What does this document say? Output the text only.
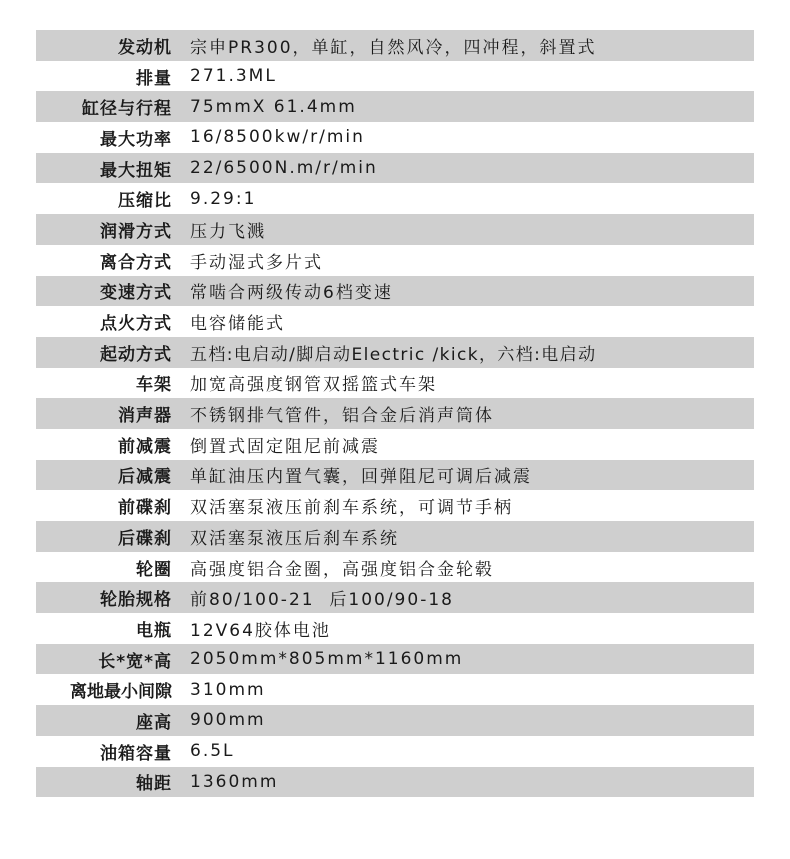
发动机	宗申PR300，单缸，自然风冷，四冲程，斜置式
排量	271.3ML
缸径与行程	75mmX 61.4mm
最大功率	16/8500kw/r/min
最大扭矩	22/6500N.m/r/min
压缩比	9.29:1
润滑方式	压力飞溅
离合方式	手动湿式多片式
变速方式	常啮合两级传动6档变速
点火方式	电容储能式
起动方式	五档:电启动/脚启动Electric /kick，六档:电启动
车架	加宽高强度钢管双摇篮式车架
消声器	不锈钢排气管件，铝合金后消声筒体
前减震	倒置式固定阻尼前减震
后减震	单缸油压内置气囊，回弹阻尼可调后减震
前碟刹	双活塞泵液压前刹车系统，可调节手柄
后碟刹	双活塞泵液压后刹车系统
轮圈	高强度铝合金圈，高强度铝合金轮毂
轮胎规格	前80/100-21  后100/90-18
电瓶	12V64胶体电池
长*宽*高	2050mm*805mm*1160mm
离地最小间隙	310mm
座高	900mm
油箱容量	6.5L
轴距	1360mm
